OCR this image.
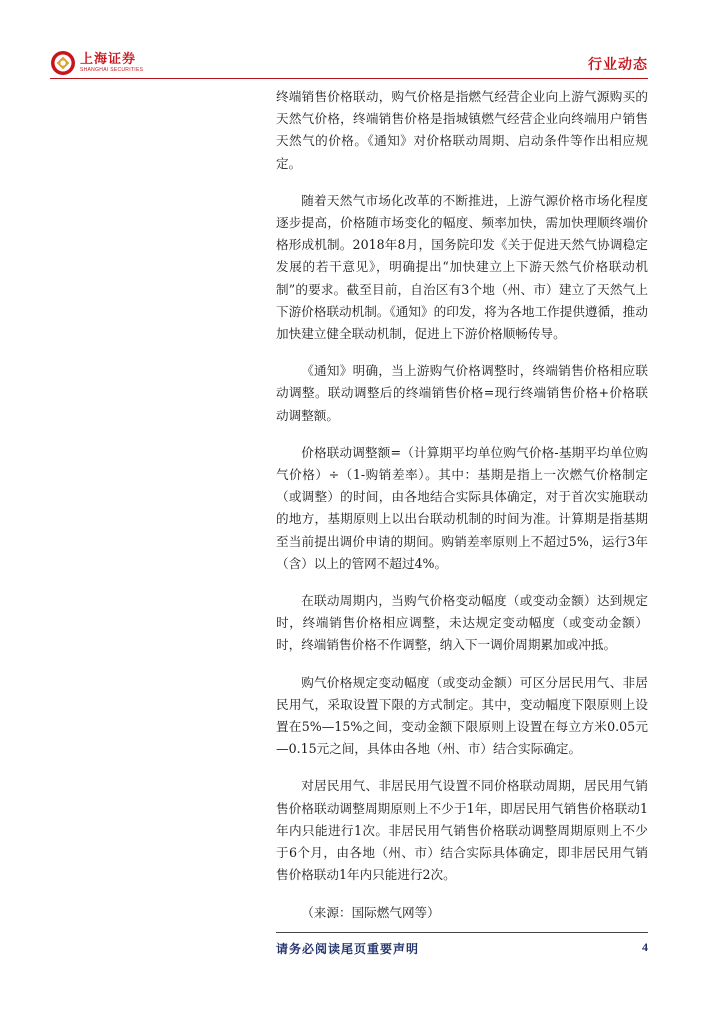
上海证券
SHANGHAI SECURITIES	行业动态

终端销售价格联动，购气价格是指燃气经营企业向上游气源购买的天然气价格，终端销售价格是指城镇燃气经营企业向终端用户销售天然气的价格。《通知》对价格联动周期、启动条件等作出相应规定。

随着天然气市场化改革的不断推进，上游气源价格市场化程度逐步提高，价格随市场变化的幅度、频率加快，需加快理顺终端价格形成机制。2018年8月，国务院印发《关于促进天然气协调稳定发展的若干意见》，明确提出“加快建立上下游天然气价格联动机制”的要求。截至目前，自治区有3个地（州、市）建立了天然气上下游价格联动机制。《通知》的印发，将为各地工作提供遵循，推动加快建立健全联动机制，促进上下游价格顺畅传导。

《通知》明确，当上游购气价格调整时，终端销售价格相应联动调整。联动调整后的终端销售价格=现行终端销售价格+价格联动调整额。

价格联动调整额=（计算期平均单位购气价格-基期平均单位购气价格）÷（1-购销差率）。其中：基期是指上一次燃气价格制定（或调整）的时间，由各地结合实际具体确定，对于首次实施联动的地方，基期原则上以出台联动机制的时间为准。计算期是指基期至当前提出调价申请的期间。购销差率原则上不超过5%，运行3年（含）以上的管网不超过4%。

在联动周期内，当购气价格变动幅度（或变动金额）达到规定时，终端销售价格相应调整，未达规定变动幅度（或变动金额）时，终端销售价格不作调整，纳入下一调价周期累加或冲抵。

购气价格规定变动幅度（或变动金额）可区分居民用气、非居民用气，采取设置下限的方式制定。其中，变动幅度下限原则上设置在5%—15%之间，变动金额下限原则上设置在每立方米0.05元—0.15元之间，具体由各地（州、市）结合实际确定。

对居民用气、非居民用气设置不同价格联动周期，居民用气销售价格联动调整周期原则上不少于1年，即居民用气销售价格联动1年内只能进行1次。非居民用气销售价格联动调整周期原则上不少于6个月，由各地（州、市）结合实际具体确定，即非居民用气销售价格联动1年内只能进行2次。

（来源：国际燃气网等）

请务必阅读尾页重要声明	4
